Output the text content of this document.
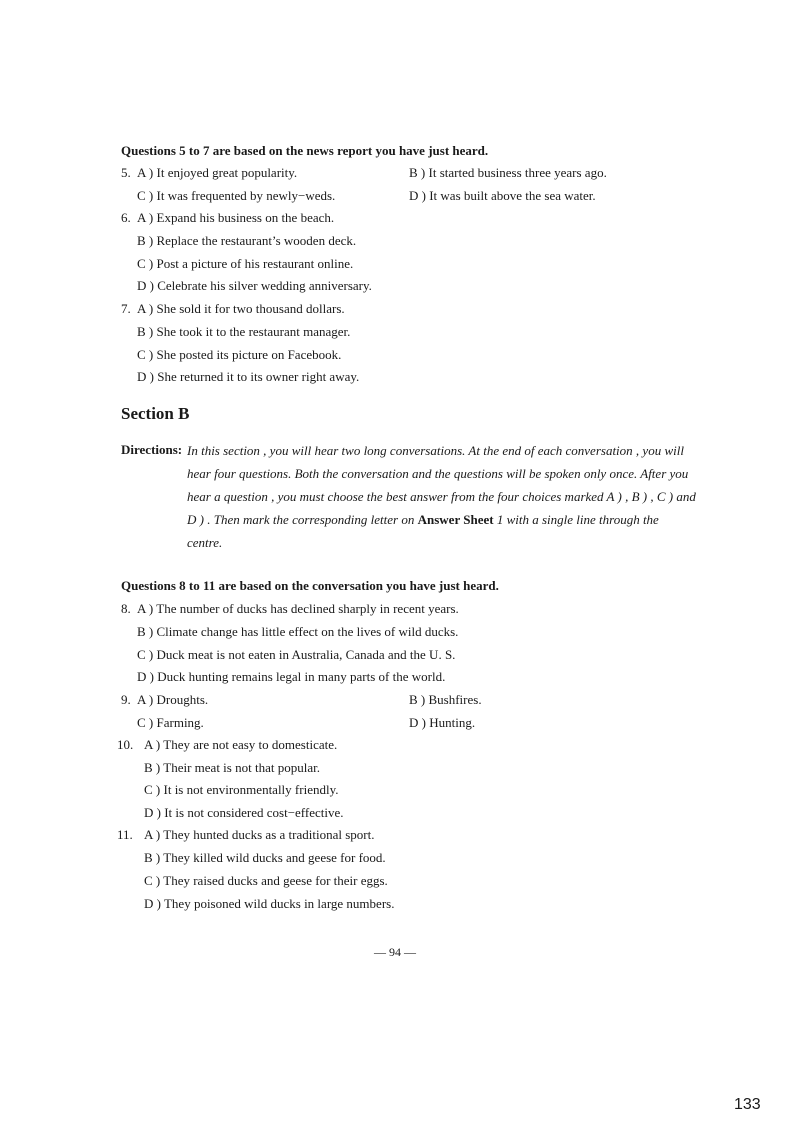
Questions 5 to 7 are based on the news report you have just heard.
5. A ) It enjoyed great popularity.	B ) It started business three years ago.
C ) It was frequented by newly−weds.	D ) It was built above the sea water.
6. A ) Expand his business on the beach.
B ) Replace the restaurant’s wooden deck.
C ) Post a picture of his restaurant online.
D ) Celebrate his silver wedding anniversary.
7. A ) She sold it for two thousand dollars.
B ) She took it to the restaurant manager.
C ) She posted its picture on Facebook.
D ) She returned it to its owner right away.
Section B
Directions: In this section , you will hear two long conversations. At the end of each conversation , you will
hear four questions. Both the conversation and the questions will be spoken only once. After you
hear a question , you must choose the best answer from the four choices marked A ) , B ) , C ) and
D ) . Then mark the corresponding letter on Answer Sheet 1 with a single line through the
centre.
Questions 8 to 11 are based on the conversation you have just heard.
8. A ) The number of ducks has declined sharply in recent years.
B ) Climate change has little effect on the lives of wild ducks.
C ) Duck meat is not eaten in Australia, Canada and the U. S.
D ) Duck hunting remains legal in many parts of the world.
9. A ) Droughts.	B ) Bushfires.
C ) Farming.	D ) Hunting.
10. A ) They are not easy to domesticate.
B ) Their meat is not that popular.
C ) It is not environmentally friendly.
D ) It is not considered cost−effective.
11. A ) They hunted ducks as a traditional sport.
B ) They killed wild ducks and geese for food.
C ) They raised ducks and geese for their eggs.
D ) They poisoned wild ducks in large numbers.
— 94 —
133
